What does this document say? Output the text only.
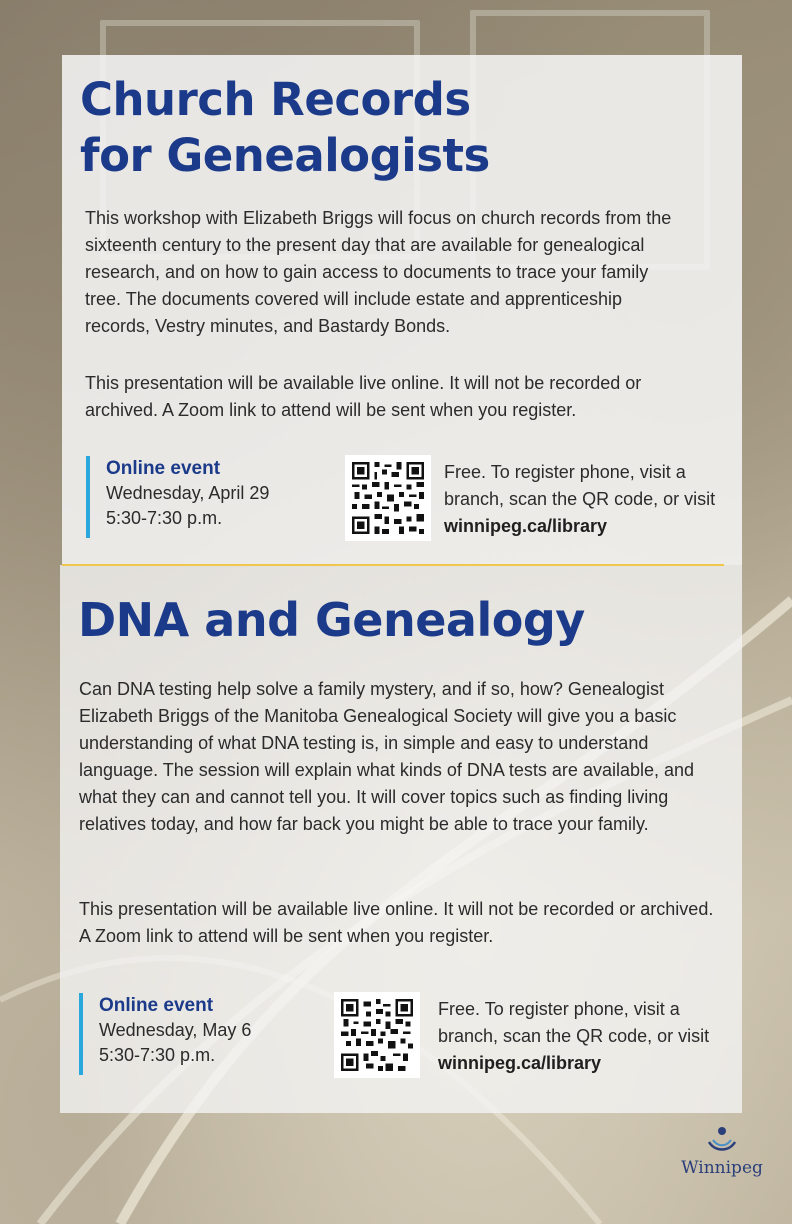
Church Records
for Genealogists

This workshop with Elizabeth Briggs will focus on church records from the sixteenth century to the present day that are available for genealogical research, and on how to gain access to documents to trace your family tree. The documents covered will include estate and apprenticeship records, Vestry minutes, and Bastardy Bonds.

This presentation will be available live online. It will not be recorded or archived. A Zoom link to attend will be sent when you register.

Online event
Wednesday, April 29
5:30-7:30 p.m.

Free. To register phone, visit a branch, scan the QR code, or visit winnipeg.ca/library

DNA and Genealogy

Can DNA testing help solve a family mystery, and if so, how? Genealogist Elizabeth Briggs of the Manitoba Genealogical Society will give you a basic understanding of what DNA testing is, in simple and easy to understand language. The session will explain what kinds of DNA tests are available, and what they can and cannot tell you. It will cover topics such as finding living relatives today, and how far back you might be able to trace your family.

This presentation will be available live online. It will not be recorded or archived. A Zoom link to attend will be sent when you register.

Online event
Wednesday, May 6
5:30-7:30 p.m.

Free. To register phone, visit a branch, scan the QR code, or visit winnipeg.ca/library

Winnipeg
